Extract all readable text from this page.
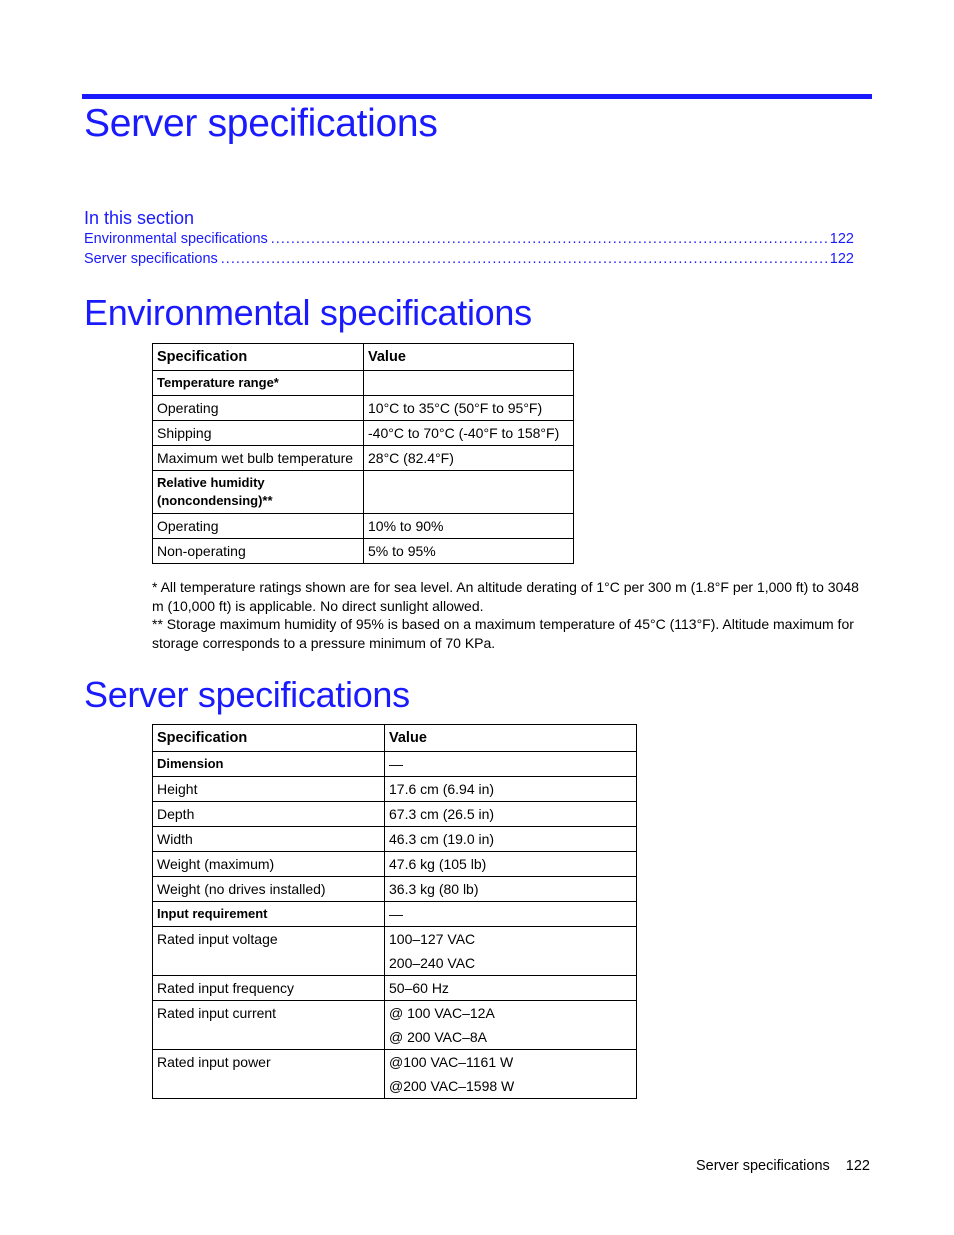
Server specifications
In this section
Environmental specifications .....	122
Server specifications .....	122
Environmental specifications
Specification	Value
Temperature range*	
Operating	10°C to 35°C (50°F to 95°F)
Shipping	-40°C to 70°C (-40°F to 158°F)
Maximum wet bulb temperature	28°C (82.4°F)
Relative humidity (noncondensing)**	
Operating	10% to 90%
Non-operating	5% to 95%

* All temperature ratings shown are for sea level. An altitude derating of 1°C per 300 m (1.8°F per 1,000 ft) to 3048 m (10,000 ft) is applicable. No direct sunlight allowed.

** Storage maximum humidity of 95% is based on a maximum temperature of 45°C (113°F). Altitude maximum for storage corresponds to a pressure minimum of 70 KPa.

Server specifications
Specification	Value
Dimension	—
Height	17.6 cm (6.94 in)
Depth	67.3 cm (26.5 in)
Width	46.3 cm (19.0 in)
Weight (maximum)	47.6 kg (105 lb)
Weight (no drives installed)	36.3 kg (80 lb)
Input requirement	—
Rated input voltage	100–127 VAC
200–240 VAC

Rated input frequency	50–60 Hz
Rated input current	@ 100 VAC–12A
@ 200 VAC–8A

Rated input power	@100 VAC–1161 W
@200 VAC–1598 W
Server specifications 122
